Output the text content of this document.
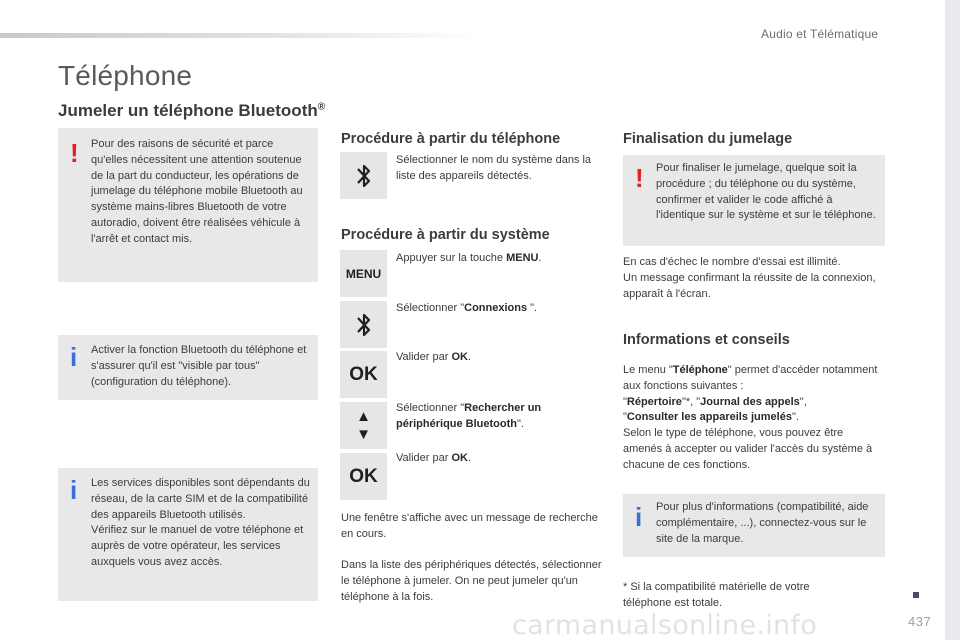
Audio et Télématique
437
carmanualsonline.info
Téléphone
Jumeler un téléphone Bluetooth®
! Pour des raisons de sécurité et parce qu'elles nécessitent une attention soutenue de la part du conducteur, les opérations de jumelage du téléphone mobile Bluetooth au système mains-libres Bluetooth de votre autoradio, doivent être réalisées véhicule à l'arrêt et contact mis.
i Activer la fonction Bluetooth du téléphone et s'assurer qu'il est "visible par tous" (configuration du téléphone).
i Les services disponibles sont dépendants du réseau, de la carte SIM et de la compatibilité des appareils Bluetooth utilisés.
Vérifiez sur le manuel de votre téléphone et auprès de votre opérateur, les services auxquels vous avez accès.
Procédure à partir du téléphone
Sélectionner le nom du système dans la liste des appareils détectés.
Procédure à partir du système
MENU
Appuyer sur la touche MENU.
Sélectionner "Connexions ".
OK
Valider par OK.
▲
▼
Sélectionner "Rechercher un périphérique Bluetooth".
OK
Valider par OK.
Une fenêtre s'affiche avec un message de recherche en cours.
Dans la liste des périphériques détectés, sélectionner le téléphone à jumeler. On ne peut jumeler qu'un téléphone à la fois.
Finalisation du jumelage
! Pour finaliser le jumelage, quelque soit la procédure ; du téléphone ou du système, confirmer et valider le code affiché à l'identique sur le système et sur le téléphone.
En cas d'échec le nombre d'essai est illimité.
Un message confirmant la réussite de la connexion, apparaît à l'écran.
Informations et conseils
Le menu "Téléphone" permet d'accéder notamment aux fonctions suivantes :
"Répertoire"*, "Journal des appels",
"Consulter les appareils jumelés".
Selon le type de téléphone, vous pouvez être amenés à accepter ou valider l'accès du système à chacune de ces fonctions.
i Pour plus d'informations (compatibilité, aide complémentaire, ...), connectez-vous sur le site de la marque.
* Si la compatibilité matérielle de votre téléphone est totale.
